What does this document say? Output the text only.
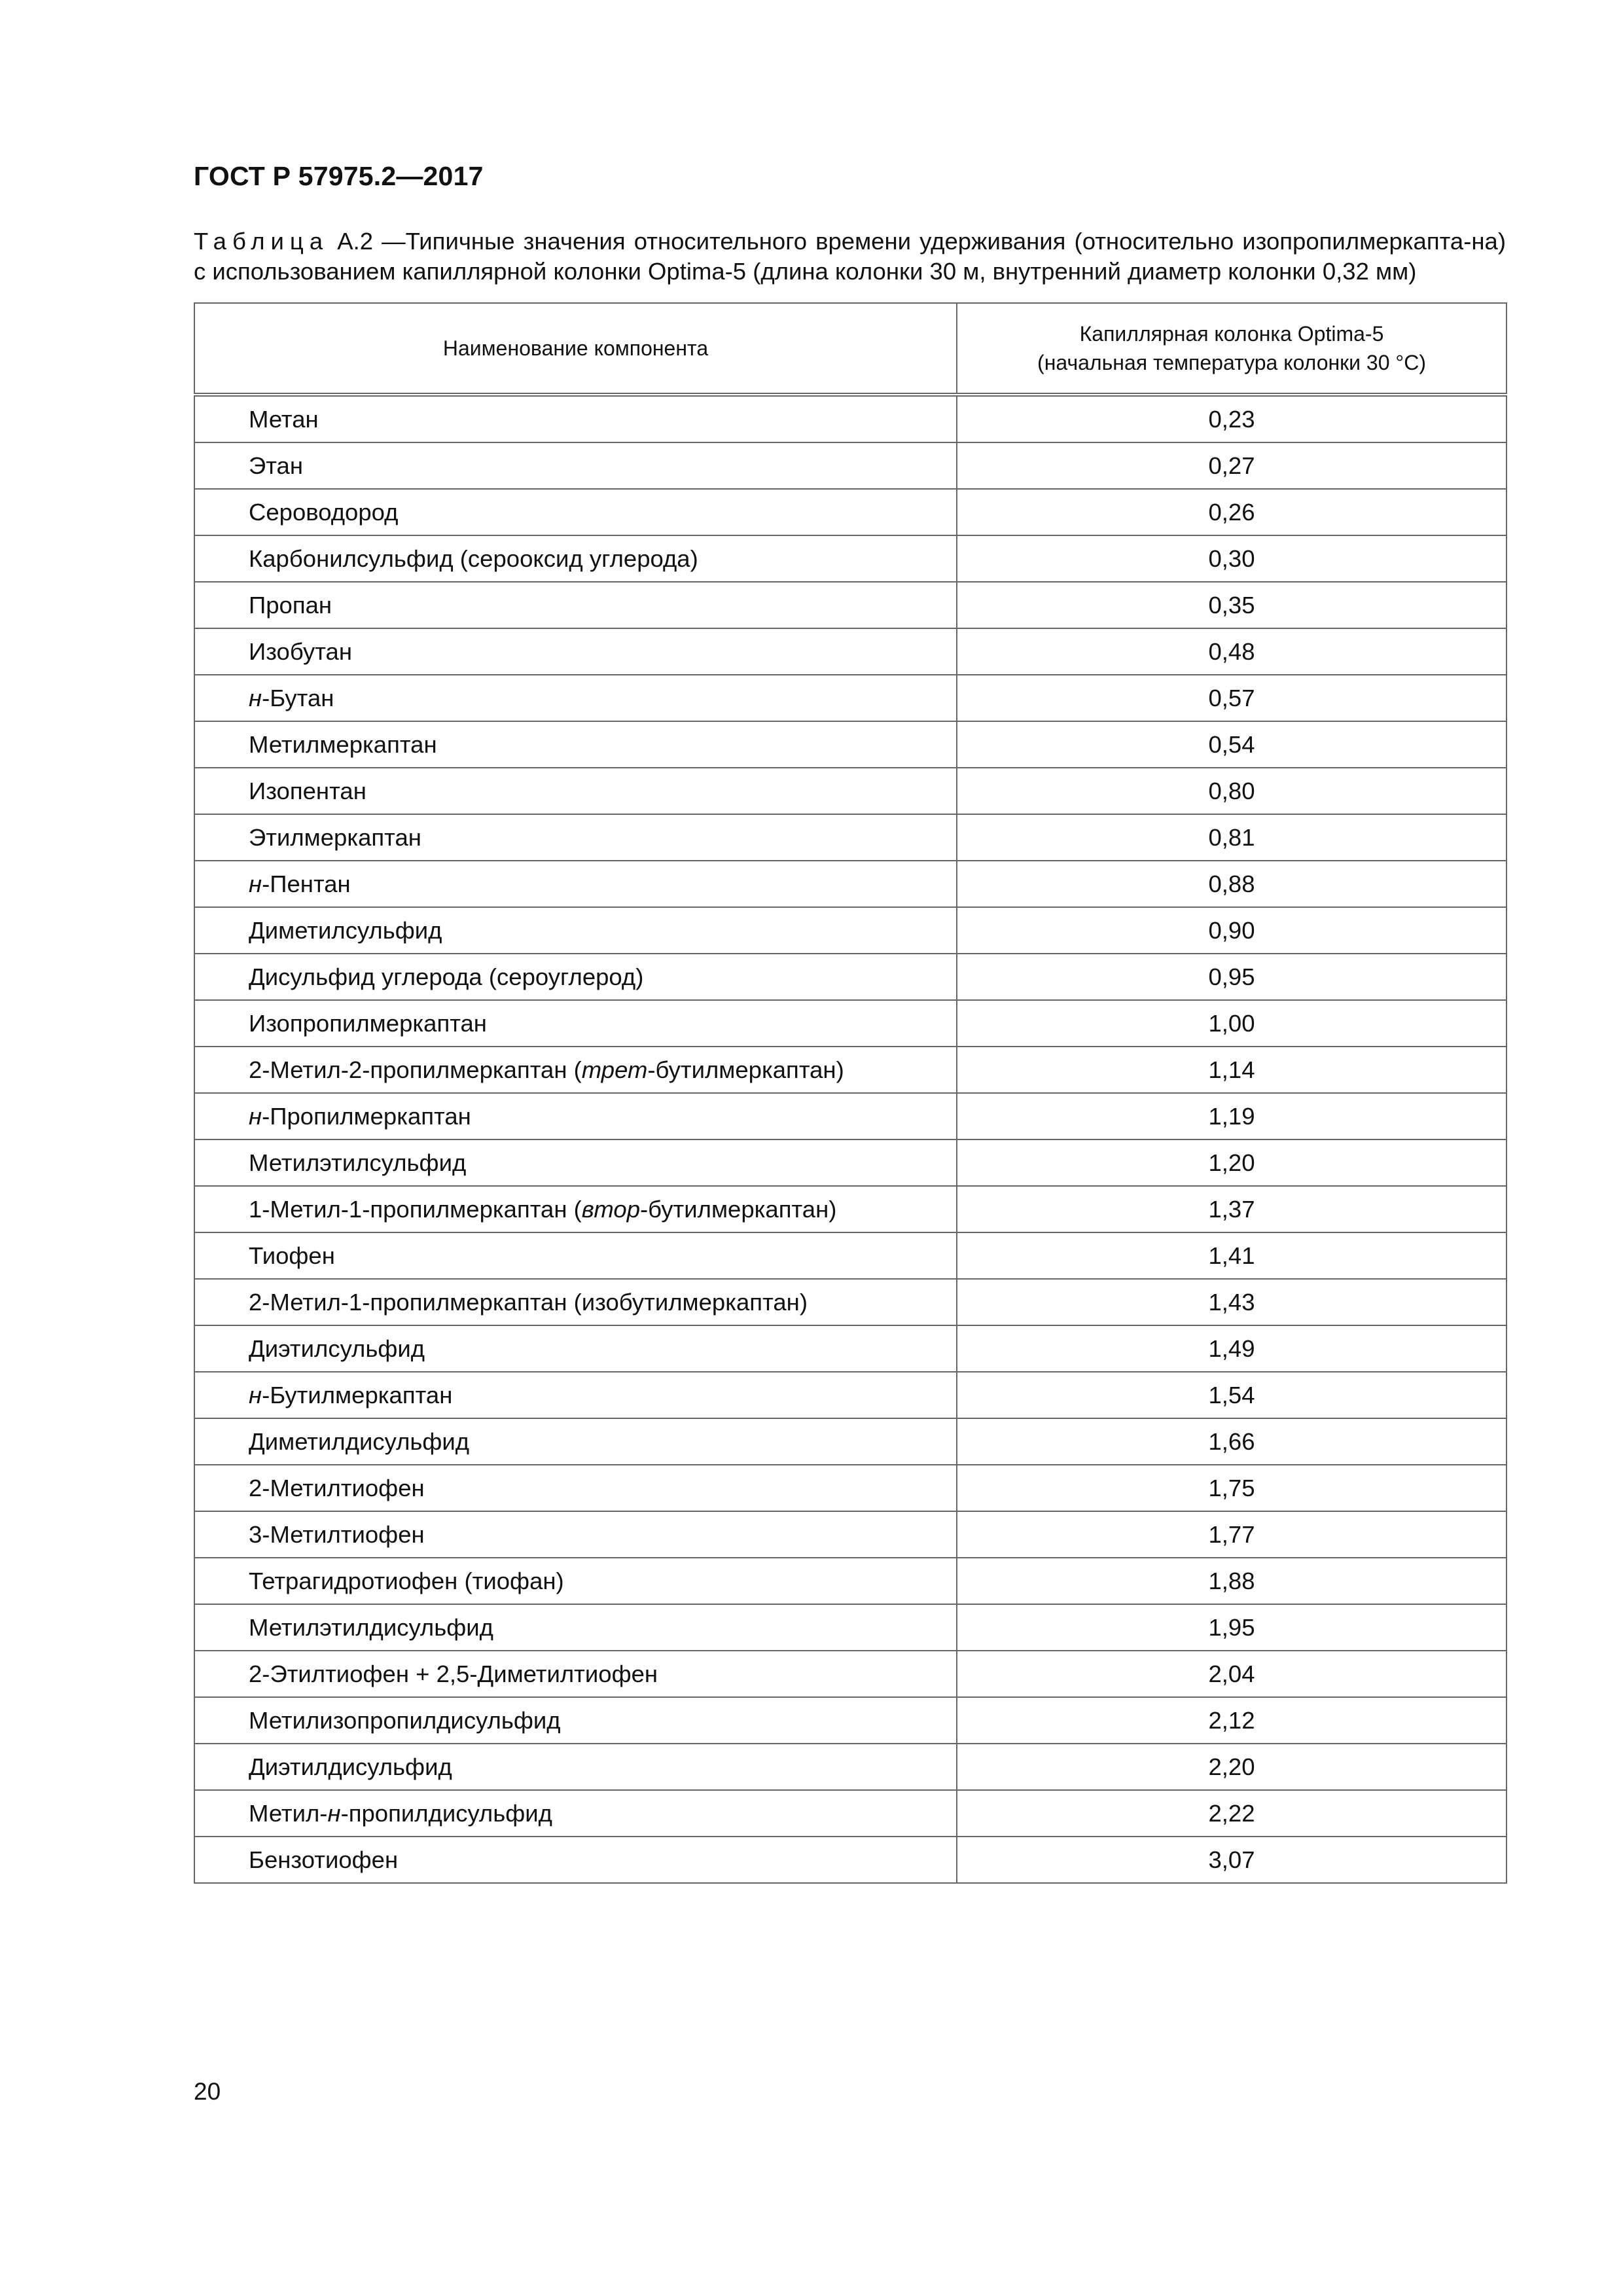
ГОСТ Р 57975.2—2017
Таблица А.2 —Типичные значения относительного времени удерживания (относительно изопропилмеркапта-на) с использованием капиллярной колонки Optima-5 (длина колонки 30 м, внутренний диаметр колонки 0,32 мм)
Наименование компонента	Капиллярная колонка Optima-5
(начальная температура колонки 30 °C)

Метан	0,23
Этан	0,27
Сероводород	0,26
Карбонилсульфид (серооксид углерода)	0,30
Пропан	0,35
Изобутан	0,48
н-Бутан	0,57
Метилмеркаптан	0,54
Изопентан	0,80
Этилмеркаптан	0,81
н-Пентан	0,88
Диметилсульфид	0,90
Дисульфид углерода (сероуглерод)	0,95
Изопропилмеркаптан	1,00
2-Метил-2-пропилмеркаптан (трет-бутилмеркаптан)	1,14
н-Пропилмеркаптан	1,19
Метилэтилсульфид	1,20
1-Метил-1-пропилмеркаптан (втор-бутилмеркаптан)	1,37
Тиофен	1,41
2-Метил-1-пропилмеркаптан (изобутилмеркаптан)	1,43
Диэтилсульфид	1,49
н-Бутилмеркаптан	1,54
Диметилдисульфид	1,66
2-Метилтиофен	1,75
3-Метилтиофен	1,77
Тетрагидротиофен (тиофан)	1,88
Метилэтилдисульфид	1,95
2-Этилтиофен + 2,5-Диметилтиофен	2,04
Метилизопропилдисульфид	2,12
Диэтилдисульфид	2,20
Метил-н-пропилдисульфид	2,22
Бензотиофен	3,07
20
